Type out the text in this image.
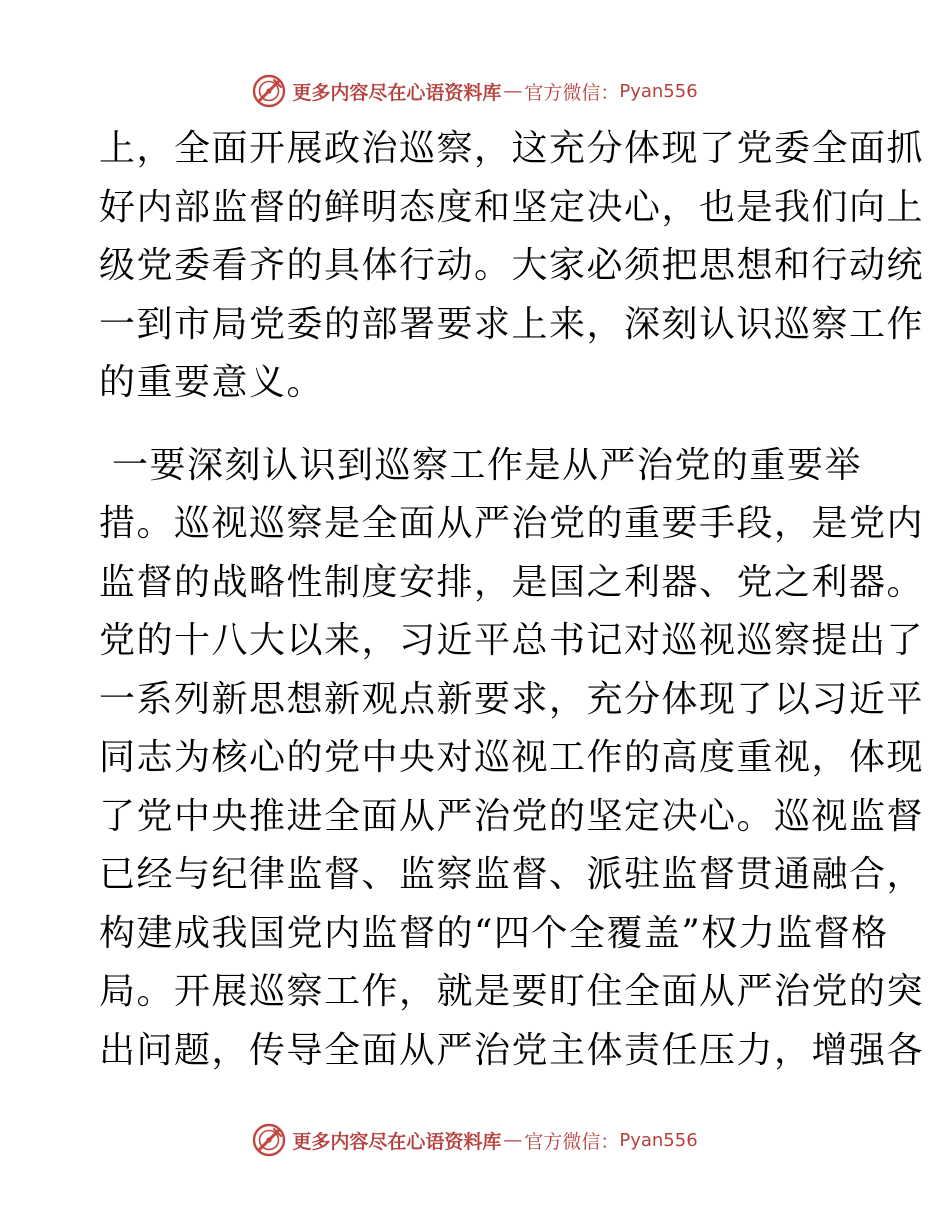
更多内容尽在心语资料库 — 官方微信： Pyan556
上，全面开展政治巡察，这充分体现了党委全面抓
好内部监督的鲜明态度和坚定决心，也是我们向上
级党委看齐的具体行动。大家必须把思想和行动统
一到市局党委的部署要求上来，深刻认识巡察工作
的重要意义。
一要深刻认识到巡察工作是从严治党的重要举
措。巡视巡察是全面从严治党的重要手段，是党内
监督的战略性制度安排，是国之利器、党之利器。
党的十八大以来，习近平总书记对巡视巡察提出了
一系列新思想新观点新要求，充分体现了以习近平
同志为核心的党中央对巡视工作的高度重视，体现
了党中央推进全面从严治党的坚定决心。巡视监督
已经与纪律监督、监察监督、派驻监督贯通融合，
构建成我国党内监督的“四个全覆盖”权力监督格
局。开展巡察工作，就是要盯住全面从严治党的突
出问题，传导全面从严治党主体责任压力，增强各
更多内容尽在心语资料库 — 官方微信： Pyan556
